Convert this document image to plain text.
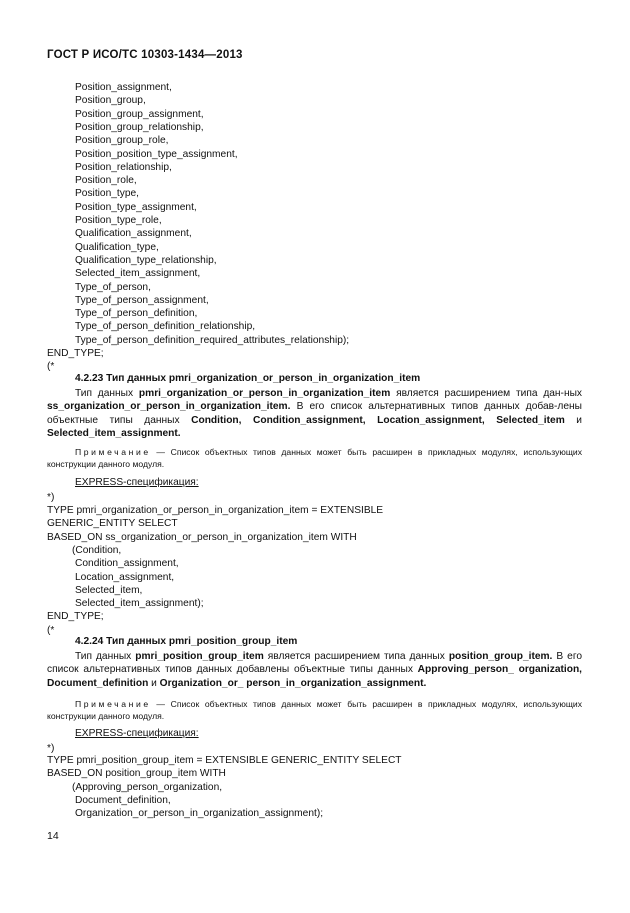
ГОСТ Р ИСО/ТС 10303-1434—2013
Position_assignment,
Position_group,
Position_group_assignment,
Position_group_relationship,
Position_group_role,
Position_position_type_assignment,
Position_relationship,
Position_role,
Position_type,
Position_type_assignment,
Position_type_role,
Qualification_assignment,
Qualification_type,
Qualification_type_relationship,
Selected_item_assignment,
Type_of_person,
Type_of_person_assignment,
Type_of_person_definition,
Type_of_person_definition_relationship,
Type_of_person_definition_required_attributes_relationship);
END_TYPE;
(*
4.2.23 Тип данных pmri_organization_or_person_in_organization_item
Тип данных pmri_organization_or_person_in_organization_item является расширением типа дан-ных ss_organization_or_person_in_organization_item. В его список альтернативных типов данных добав-лены объектные типы данных Condition, Condition_assignment, Location_assignment, Selected_item и Selected_item_assignment.
Примечание — Список объектных типов данных может быть расширен в прикладных модулях, использующих конструкции данного модуля.
EXPRESS-спецификация:
*)
TYPE pmri_organization_or_person_in_organization_item = EXTENSIBLE
GENERIC_ENTITY SELECT
BASED_ON ss_organization_or_person_in_organization_item WITH
(Condition,
Condition_assignment,
Location_assignment,
Selected_item,
Selected_item_assignment);
END_TYPE;
(*
4.2.24 Тип данных pmri_position_group_item
Тип данных pmri_position_group_item является расширением типа данных position_group_item. В его список альтернативных типов данных добавлены объектные типы данных Approving_person_ organization, Document_definition и Organization_or_ person_in_organization_assignment.
Примечание — Список объектных типов данных может быть расширен в прикладных модулях, использующих конструкции данного модуля.
EXPRESS-спецификация:
*)
TYPE pmri_position_group_item = EXTENSIBLE GENERIC_ENTITY SELECT
BASED_ON position_group_item WITH
(Approving_person_organization,
Document_definition,
Organization_or_person_in_organization_assignment);
14
